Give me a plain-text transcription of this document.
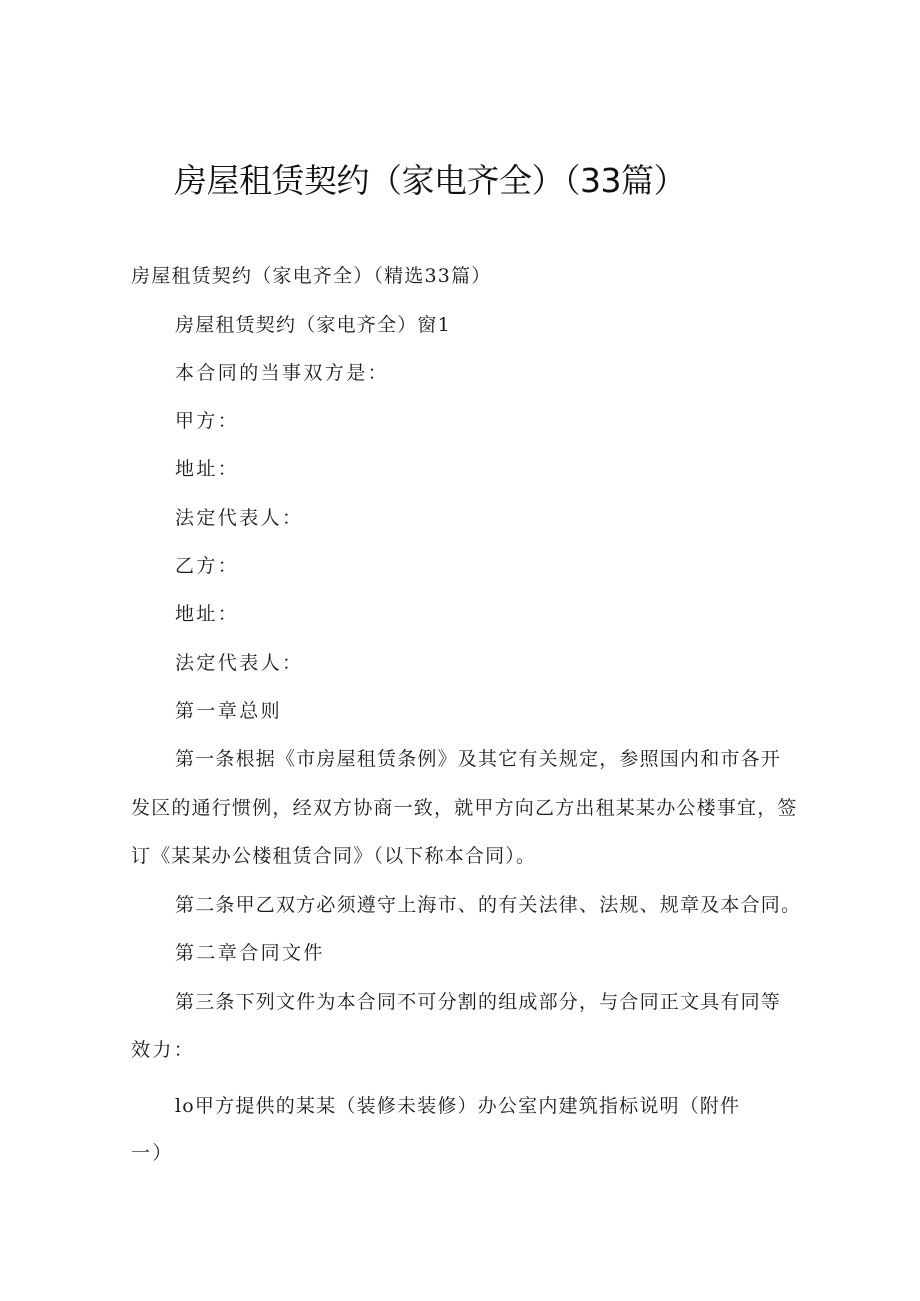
房屋租赁契约（家电齐全）（33篇）
房屋租赁契约（家电齐全）（精选33篇）
房屋租赁契约（家电齐全）窗1
本合同的当事双方是：
甲方：
地址：
法定代表人：
乙方：
地址：
法定代表人：
第一章总则
第一条根据《市房屋租赁条例》及其它有关规定，参照国内和市各开
发区的通行惯例，经双方协商一致，就甲方向乙方出租某某办公楼事宜，签
订《某某办公楼租赁合同》（以下称本合同）。
第二条甲乙双方必须遵守上海市、的有关法律、法规、规章及本合同。
第二章合同文件
第三条下列文件为本合同不可分割的组成部分，与合同正文具有同等
效力：
lo甲方提供的某某（装修未装修）办公室内建筑指标说明（附件
一）
